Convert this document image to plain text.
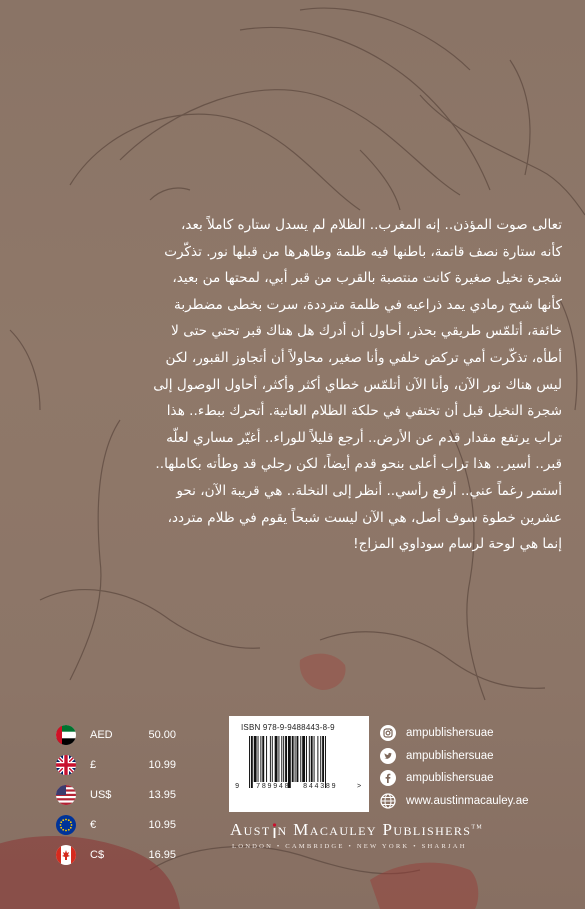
تعالى صوت المؤذن.. إنه المغرب.. الظلام لم يسدل ستاره كاملاً بعد،

كأنه ستارة نصف قاتمة، باطنها فيه ظلمة وظاهرها من قبلها نور. تذكّرت

شجرة نخيل صغيرة كانت منتصبة بالقرب من قبر أبي، لمحتها من بعيد،

كأنها شبح رمادي يمد ذراعيه في ظلمة مترددة، سرت بخطى مضطربة

خائفة، أتلمّس طريقي بحذر، أحاول أن أدرك هل هناك قبر تحتي حتى لا

أطأه، تذكّرت أمي تركض خلفي وأنا صغير، محاولاً أن أتجاوز القبور، لكن

ليس هناك نور الآن، وأنا الآن أتلمّس خطاي أكثر وأكثر، أحاول الوصول إلى

شجرة النخيل قبل أن تختفي في حلكة الظلام العاتية. أتحرك ببطء.. هذا

تراب يرتفع مقدار قدم عن الأرض.. أرجع قليلاً للوراء.. أغيّر مساري لعلّه

قبر.. أسير.. هذا تراب أعلى بنحو قدم أيضاً، لكن رجلي قد وطأته بكاملها..

أستمر رغماً عني.. أرفع رأسي.. أنظر إلى النخلة.. هي قريبة الآن، نحو

عشرين خطوة سوف أصل، هي الآن ليست شبحاً يقوم في ظلام متردد،

إنما هي لوحة لرسام سوداوي المزاج!

AED	50.00
£	10.99
US$	13.95
€	10.95
C$	16.95
ISBN 978-9-9488443-8-9
9 789948 844389	>
ampublishersuae
ampublishersuae
ampublishersuae
www.austinmacauley.ae
Aust n Macauley Publishers™
LONDON • CAMBRIDGE • NEW YORK • SHARJAH
